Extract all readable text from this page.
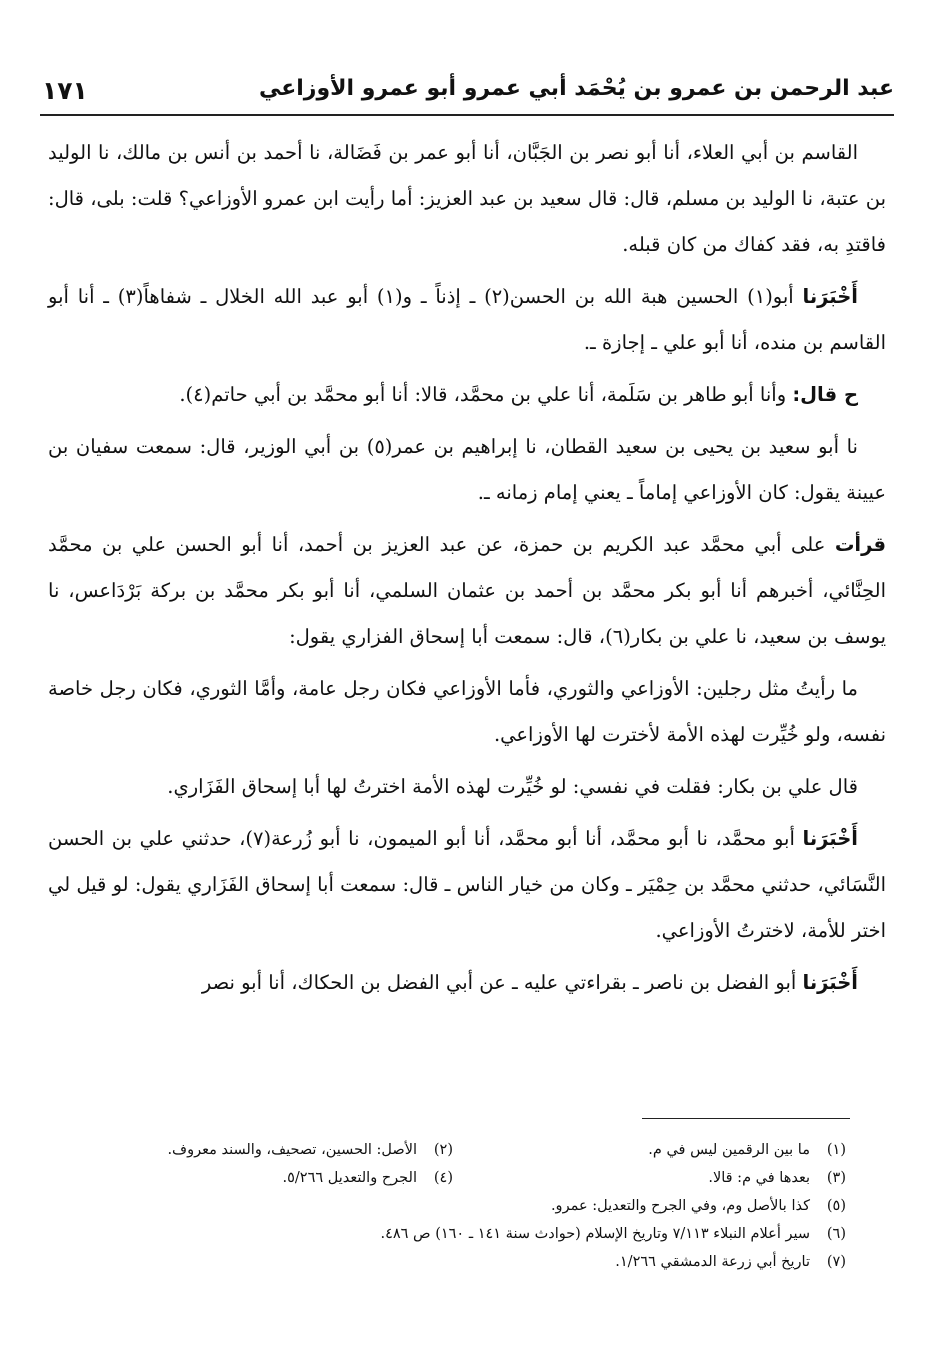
١٧١	عبد الرحمن بن عمرو بن يُحْمَد أبي عمرو أبو عمرو الأوزاعي

القاسم بن أبي العلاء، أنا أبو نصر بن الجَبَّان، أنا أبو عمر بن فَضَالة، نا أحمد بن أنس بن مالك، نا الوليد بن عتبة، نا الوليد بن مسلم، قال: قال سعيد بن عبد العزيز: أما رأيت ابن عمرو الأوزاعي؟ قلت: بلى، قال: فاقتدِ به، فقد كفاك من كان قبله.

أَخْبَرَنا أبو(١) الحسين هبة الله بن الحسن(٢) ـ إذناً ـ و(١) أبو عبد الله الخلال ـ شفاهاً(٣) ـ أنا أبو القاسم بن منده، أنا أبو علي ـ إجازة ـ.

ح قال: وأنا أبو طاهر بن سَلَمة، أنا علي بن محمَّد، قالا: أنا أبو محمَّد بن أبي حاتم(٤).

نا أبو سعيد بن يحيى بن سعيد القطان، نا إبراهيم بن عمر(٥) بن أبي الوزير، قال: سمعت سفيان بن عيينة يقول: كان الأوزاعي إماماً ـ يعني إمام زمانه ـ.

قرأت على أبي محمَّد عبد الكريم بن حمزة، عن عبد العزيز بن أحمد، أنا أبو الحسن علي بن محمَّد الحِنَّائي، أخبرهم أنا أبو بكر محمَّد بن أحمد بن عثمان السلمي، أنا أبو بكر محمَّد بن بركة بَرْدَاعس، نا يوسف بن سعيد، نا علي بن بكار(٦)، قال: سمعت أبا إسحاق الفزاري يقول:

ما رأيتُ مثل رجلين: الأوزاعي والثوري، فأما الأوزاعي فكان رجل عامة، وأمَّا الثوري، فكان رجل خاصة نفسه، ولو خُيِّرت لهذه الأمة لأخترت لها الأوزاعي.

قال علي بن بكار: فقلت في نفسي: لو خُيِّرت لهذه الأمة اخترتُ لها أبا إسحاق الفَزَاري.

أَخْبَرَنا أبو محمَّد، نا أبو محمَّد، أنا أبو محمَّد، أنا أبو الميمون، نا أبو زُرعة(٧)، حدثني علي بن الحسن النَّسَائي، حدثني محمَّد بن حِمْيَر ـ وكان من خيار الناس ـ قال: سمعت أبا إسحاق الفَزَاري يقول: لو قيل لي اختر للأمة، لاخترتُ الأوزاعي.

أَخْبَرَنا أبو الفضل بن ناصر ـ بقراءتي عليه ـ عن أبي الفضل بن الحكاك، أنا أبو نصر

(١)ما بين الرقمين ليس في م.
(٢)الأصل: الحسين، تصحيف، والسند معروف.
(٣)بعدها في م: قالا.
(٤)الجرح والتعديل ٥/٢٦٦.
(٥)كذا بالأصل وم، وفي الجرح والتعديل: عمرو.
(٦)سير أعلام النبلاء ٧/١١٣ وتاريخ الإسلام (حوادث سنة ١٤١ ـ ١٦٠) ص ٤٨٦.
(٧)تاريخ أبي زرعة الدمشقي ١/٢٦٦.
